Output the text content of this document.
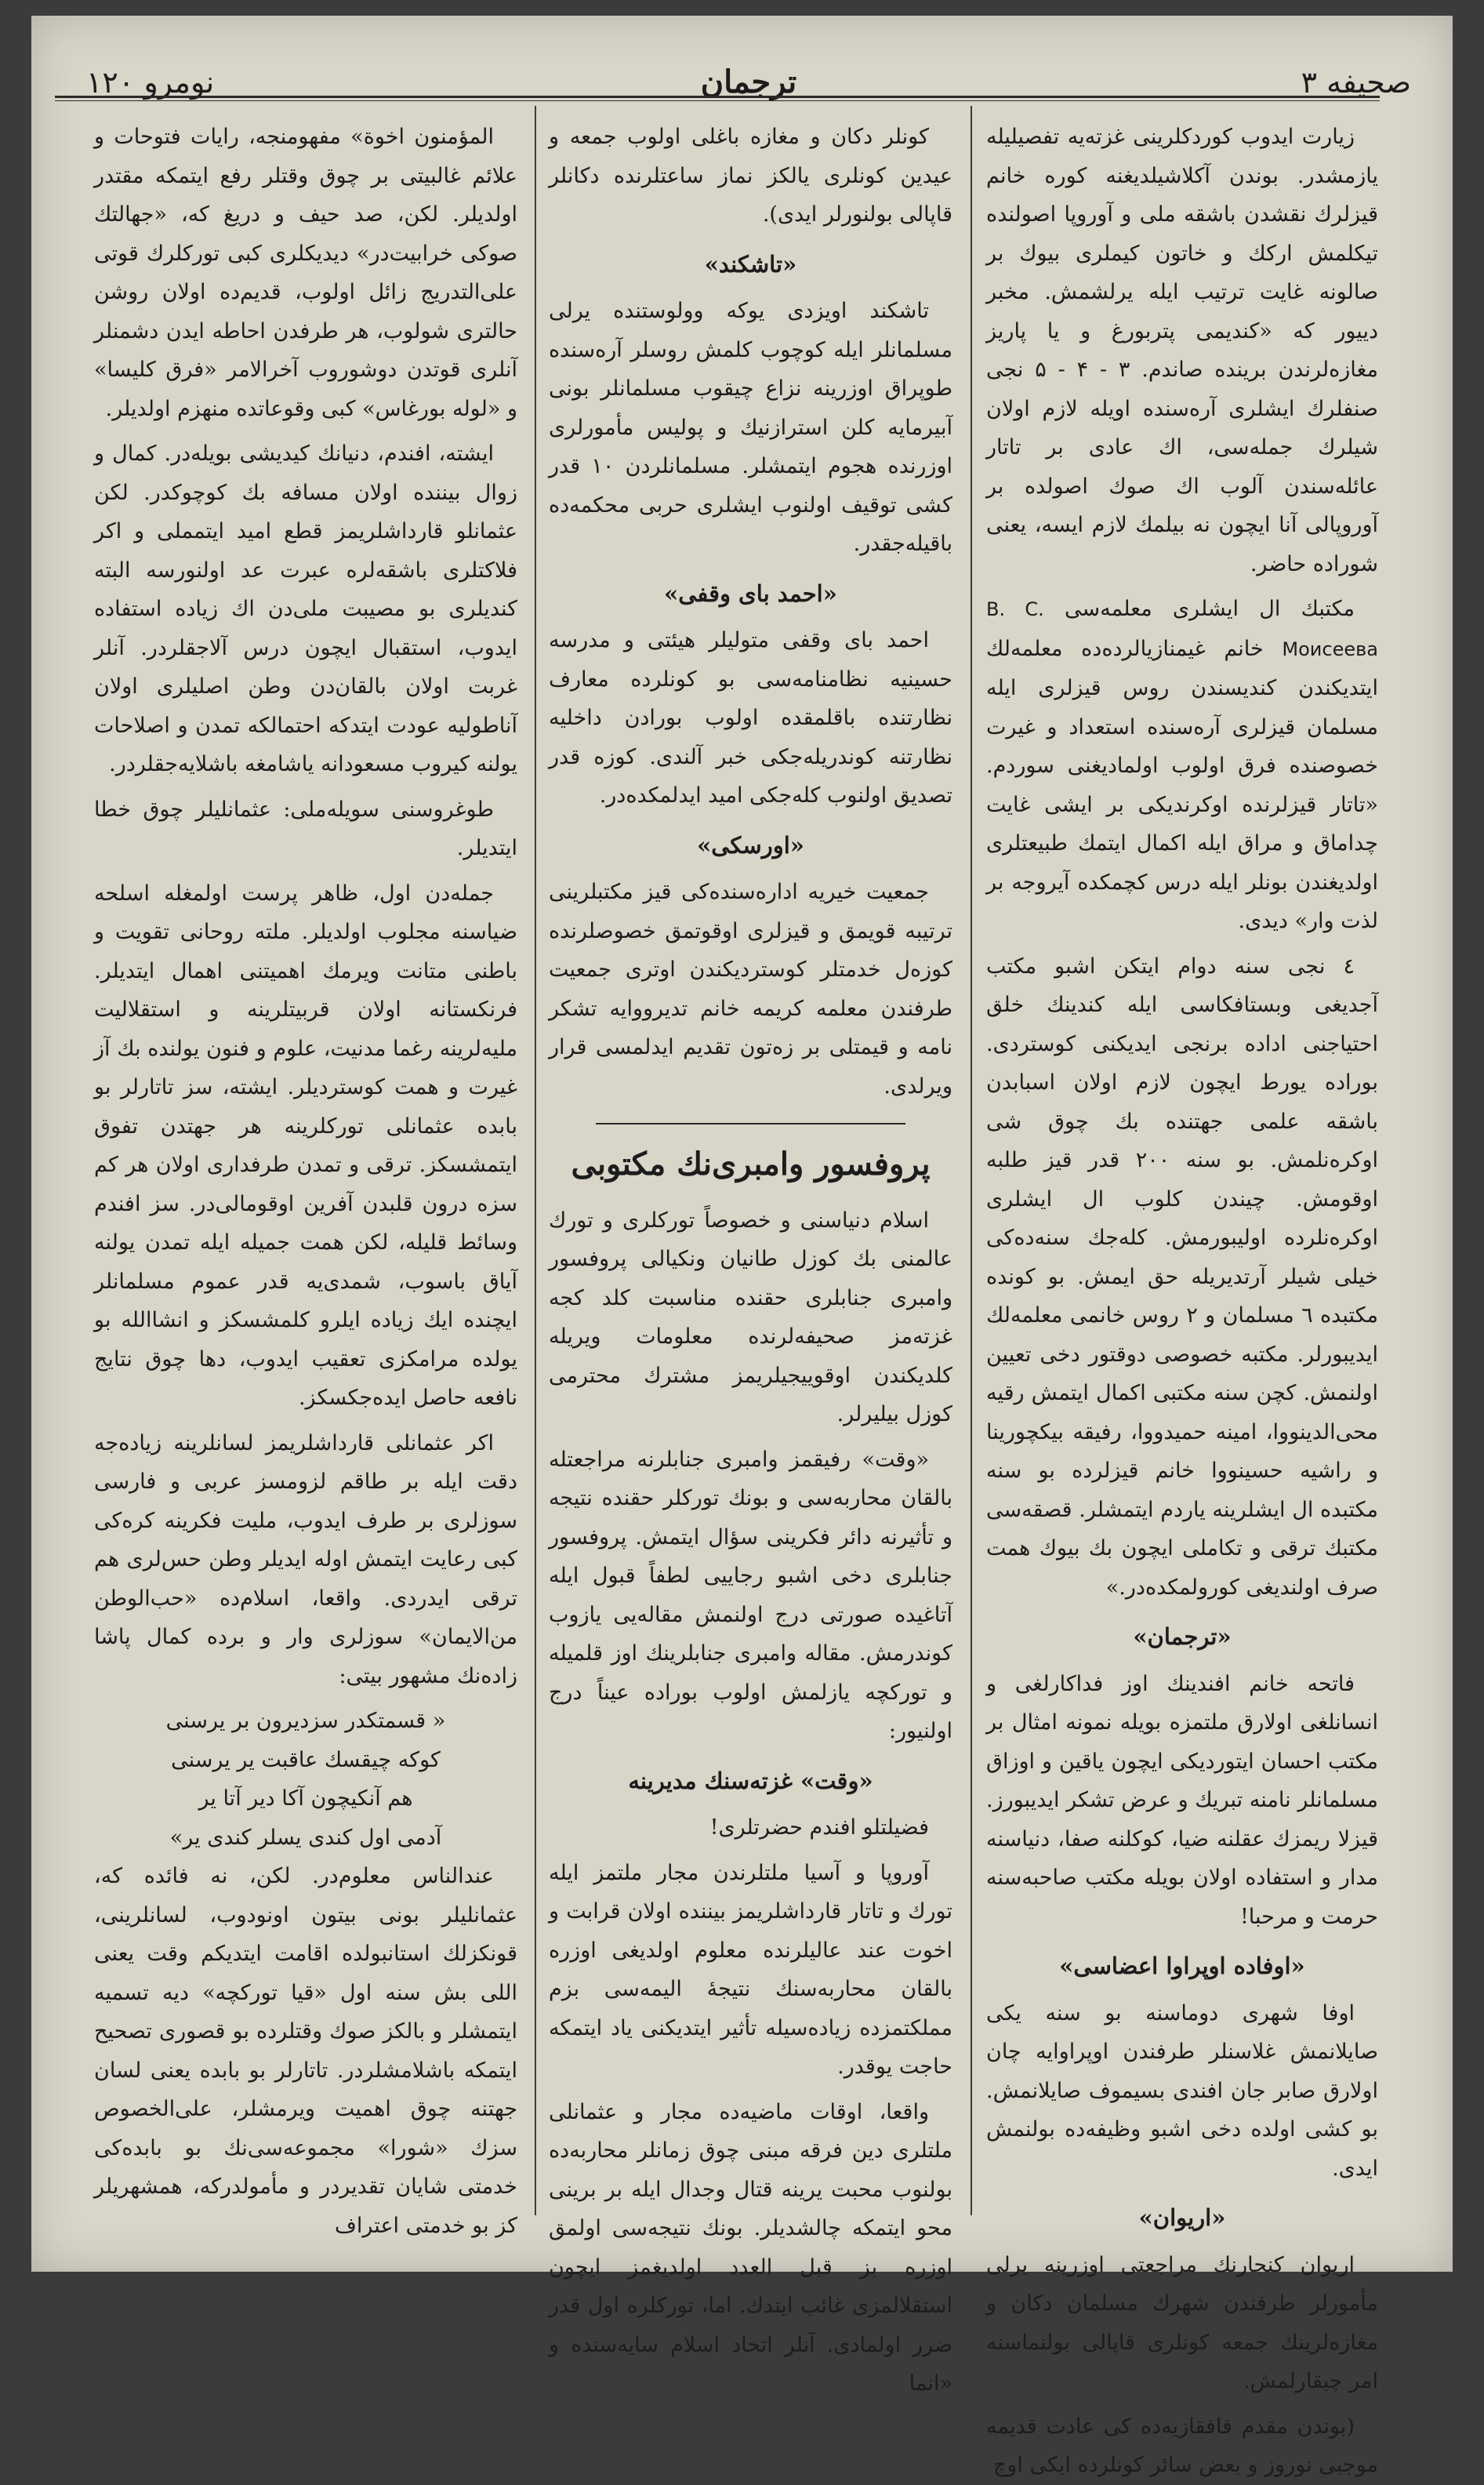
صحیفه ۳
ترجمان
نومرو ۱۲۰

زیارت ایدوب کوردکلرینی غزته‌یه تفصیلیله یازمشدر. بوندن آکلاشیلدیغنه کوره خانم قیزلرك نقشدن باشقه ملی و آوروپا اصولنده تیکلمش ارکك و خاتون کیملری بیوك بر صالونه غایت ترتیب ایله یرلشمش. مخبر دییور که «کندیمی پتربورغ و یا پاریز مغازه‌لرندن برینده صاندم. ۳ - ۴ - ۵ نجی صنفلرك ایشلری آره‌سنده‌ اویله‌ لازم اولان شیلرك جمله‌سی، اك عادی بر تاتار عائله‌سندن آلوب اك صوك اصولده بر آوروپالی آنا ایچون نه بیلمك لازم ایسه، یعنی شورادە حاضر.

مکتبك ال ایشلری معلمه‌سی B. C. Моисеева خانم غیمنازیالردەدە معلمەلك ایتدیکندن کندیسندن روس قیزلری ایله مسلمان قیزلری آره‌سنده استعداد و غیرت خصوصنده فرق اولوب اولمادیغنی سوردم. «تاتار قیزلرنده اوکرندیکی بر ایشی غایت چداماق و مراق ایله اکمال ایتمك طبیعتلری اولدیغندن بونلر ایله درس کچمکده آیروجه بر لذت وار» دیدی.

٤ نجی سنه دوام ایتکن اشبو مکتب آجدیغی وبستافکاسی ایله کندینك خلق احتیاجنی اداده برنجی ایدیکنی کوستردی. بورادە یورط ایچون لازم اولان اسبابدن باشقه علمی جهتندە بك چوق شی اوکرەنلمش. بو سنه ٢٠٠ قدر قیز طلبه اوقومش. چیندن کلوب ال ایشلری اوکرەنلردە اولیبورمش. کلەجك سنه‌دەکی خیلی شیلر آرتدیریله حق ایمش. بو کونده مکتبده ٦ مسلمان و ٢ روس خانمی معلمەلك ایدیبورلر. مکتبه خصوصی دوقتور دخی تعیین اولنمش. کچن سنه مکتبی اکمال ایتمش رقیه محی‌الدینووا، امینه حمیدووا، رفیقه بیکچورینا و راشیه حسینووا خانم قیزلرده بو سنه مکتبده ال ایشلرینه یاردم ایتمشلر. قصقه‌سی مکتبك ترقی و تکاملی ایچون بك بیوك همت صرف اولندیغی کورولمکده‌در.»

«ترجمان»

فاتحه خانم افندینك اوز فداکارلغی و انسانلغی اولارق ملتمزه بویله نمونه امثال بر مکتب احسان ایتوردیکی ایچون یاقین و اوزاق مسلمانلر نامنه تبریك و عرض تشکر ایدیبورز. قیزلا ریمزك عقلنه ضیا، کوکلنه صفا، دنیاسنه مدار و استفاده اولان بویله مکتب صاحبه‌سنه حرمت و مرحبا!

«اوفاده اوپراوا اعضاسی»

اوفا شهری دوماسنه بو سنه یکی صایلانمش غلاسنلر طرفندن اوپراوایه چان اولارق صابر جان افندی بسیموف صایلانمش. بو کشی اولده دخی اشبو وظیفه‌ده بولنمش ایدی.

«اریوان»

اریوان کنجارنك مراجعتی اوزرینه یرلی مأمورلر طرفندن شهرك مسلمان دکان و مغازەلرینك جمعه کونلری قاپالی بولنماسنه امر چیقارلمش.

(بوندن مقدم قافقازیه‌ده کی عادت قدیمه موجبی نوروز و بعض سائر کونلرده ایکی اوچ

کونلر دکان و مغازه باغلی اولوب جمعه و عیدین کونلری یالکز نماز ساعتلرنده دکانلر قاپالی بولنورلر ایدی).

«تاشکند»

تاشکند اویزدی یوکه وولوستنده یرلی مسلمانلر ایله کوچوب کلمش روسلر آره‌سنده طوپراق اوزرینه نزاع چیقوب مسلمانلر بونی آبیرمایه کلن استرازنیك و پولیس مأمورلری اوزرنده هجوم ایتمشلر. مسلمانلردن ١٠ قدر کشی توقیف اولنوب ایشلری حربی محکمه‌ده باقیله‌جقدر.

«احمد بای وقفی»

احمد بای وقفی متولیلر هیئتی و مدرسه حسینیه نظامنامه‌سی بو کونلرده معارف نظارتنده باقلمقده اولوب بورادن داخلیه نظارتنه کوندریله‌جکی خبر آلندی. کوزه قدر تصدیق اولنوب کله‌جکی امید ایدلمکده‌در.

«اورسکی»

جمعیت خیریه اداره‌سنده‌کی قیز مکتبلرینی ترتیبه قویمق و قیزلری اوقوتمق خصوصلرنده کوزەل خدمتلر کوسترديکندن اوتری جمعیت طرفندن معلمه کریمه خانم تدیرووایه تشکر نامه و قیمتلی بر زەتون تقدیم ایدلمسی قرار ویرلدی.

پروفسور وامبری‌نك مکتوبی

اسلام دنیاسنی و خصوصاً تورکلری و تورك عالمنی بك کوزل طانیان ونکیالی پروفسور وامبری جنابلری حقنده مناسبت کلد کجه غزته‌مز صحیفه‌لرنده معلومات ویریله کلدیکندن اوقوییجیلریمز مشترك محترمی کوزل بیلیرلر.

«وقت» رفیقمز وامبری جنابلرنه مراجعتله بالقان محاربه‌سی و بونك تورکلر حقنده نتیجه و تأثیرنه دائر فکرینی سؤال ایتمش. پروفسور جنابلری دخی اشبو رجاییی لطفاً قبول ایله آتاغیده صورتی درج اولنمش مقاله‌یی یازوب کوندرمش. مقاله وامبری جنابلرینك اوز قلمیله و تورکچه یازلمش اولوب بورادە عیناً درج اولنیور:

«وقت» غزته‌سنك مدیرینه

فضیلتلو افندم حضرتلری!

آوروپا و آسیا ملتلرندن مجار ملتمز ایله تورك و تاتار قارداشلریمز بیننده اولان قرابت و اخوت عند عالیلرنده معلوم اولدیغی اوزره بالقان محاربه‌سنك نتیجهٔ الیمه‌سی بزم مملکتمزده زیاده‌سیله تأثیر ایتدیکنی یاد ایتمکه حاجت یوقدر.

واقعا، اوقات ماضیه‌ده مجار و عثمانلی ملتلری دین فرقه مبنی چوق زمانلر محاربه‌ده بولنوب محبت یرینه قتال وجدال ایله بر برینی محو ایتمکه چالشدیلر. بونك نتیجه‌سی اولمق اوزره بز قبل العدد اولدیغمز ایچون استقلالمزی غائب ایتدك. اما، تورکلره اول قدر ضرر اولمادی. آنلر اتحاد اسلام سایه‌سنده و «انما

المؤمنون اخوة» مفهومنجه، رایات فتوحات و علائم غالبیتی بر چوق وقتلر رفع ایتمکه مقتدر اولدیلر. لکن، صد حیف و دریغ که، «جهالتك صوکی خرابیت‌در» دیدیکلری کبی تورکلرك قوتی علی‌التدریج زائل اولوب، قدیم‌ده اولان روشن حالتری شولوب، هر طرفدن احاطه ایدن دشمنلر آنلری قوتدن دوشوروب آخرالامر «فرق کلیسا» و «لوله بورغاس» کبی وقوعاتده منهزم اولدیلر.

ایشته، افندم، دنیانك کیدیشی بویله‌در. کمال و زوال بیننده اولان مسافه بك کوچوکدر. لکن عثمانلو قارداشلریمز قطع امید ایتمملی و اکر فلاکتلری باشقه‌لره عبرت عد اولنورسه البته کندیلری بو مصیبت ملی‌دن اك زیاده استفاده ایدوب، استقبال ایچون درس آلاجقلردر. آنلر غربت اولان بالقان‌دن وطن اصلیلری اولان آناطولیه عودت ایتدکه احتمالکه تمدن و اصلاحات یولنه کیروب مسعودانه یاشامغه باشلایه‌جقلردر.

طوغروسنی سویلەملی: عثمانلیلر چوق خطا ایتدیلر.

جمله‌دن اول، ظاهر پرست اولمغله اسلحه ضیاسنه مجلوب اولدیلر. ملته روحانی تقویت و باطنی متانت ویرمك اهمیتنی اهمال ایتدیلر. فرنکستانه اولان قربیتلرینه و استقلالیت ملیه‌لرینه رغما مدنیت، علوم و فنون یولنده بك آز غیرت و همت کوستردیلر. ایشته، سز تاتارلر بو بابده عثمانلی تورکلرینه هر جهتدن تفوق ایتمشسکز. ترقی و تمدن طرفداری اولان هر کم سزه درون قلبدن آفرین اوقومالی‌در. سز افندم وسائط قلیله، لکن همت جمیله ایله تمدن یولنه آیاق باسوب، شمدی‌یه قدر عموم مسلمانلر ایچنده ایك زیاده ایلرو کلمشسکز و انشا‌الله بو یولده مرامکزی تعقیب ایدوب، دها چوق نتایج نافعه حاصل ایده‌جکسکز.

اکر عثمانلی قارداشلریمز لسانلرینه زیاده‌جه دقت ایله بر طاقم لزومسز عربی و فارسی سوزلری بر طرف ایدوب، ملیت فکرینه کره‌کی کبی رعایت ایتمش اوله ایدیلر وطن حس‌لری هم ترقی ایدردی. واقعا، اسلام‌ده «حب‌الوطن من‌الایمان» سوزلری وار و برده کمال پاشا زاده‌نك مشهور بیتی:

« قسمتکدر سزدیرون بر یرسنی

کوکه چیقسك عاقبت یر یرسنی

هم آنکیچون آکا دیر آتا یر

آدمی اول کندی یسلر کندی یر»

عندالناس معلوم‌در. لکن، نه فائده که، عثمانلیلر بونی بیتون اونودوب، لسانلرینی، قونکزلك استانبولده اقامت ایتدیکم وقت یعنی اللی بش سنه اول «قیا تورکچه» دیه تسمیه ایتمشلر و بالکز صوك وقتلرده بو قصوری تصحیح ایتمکه باشلامشلردر. تاتارلر بو بابده یعنی لسان جهتنه چوق اهمیت ویرمشلر، علی‌الخصوص سزك «شورا» مجموعه‌سی‌نك بو بابده‌کی خدمتی شایان تقدیردر و مأمولدرکه، همشهریلر کز بو خدمتی اعتراف
